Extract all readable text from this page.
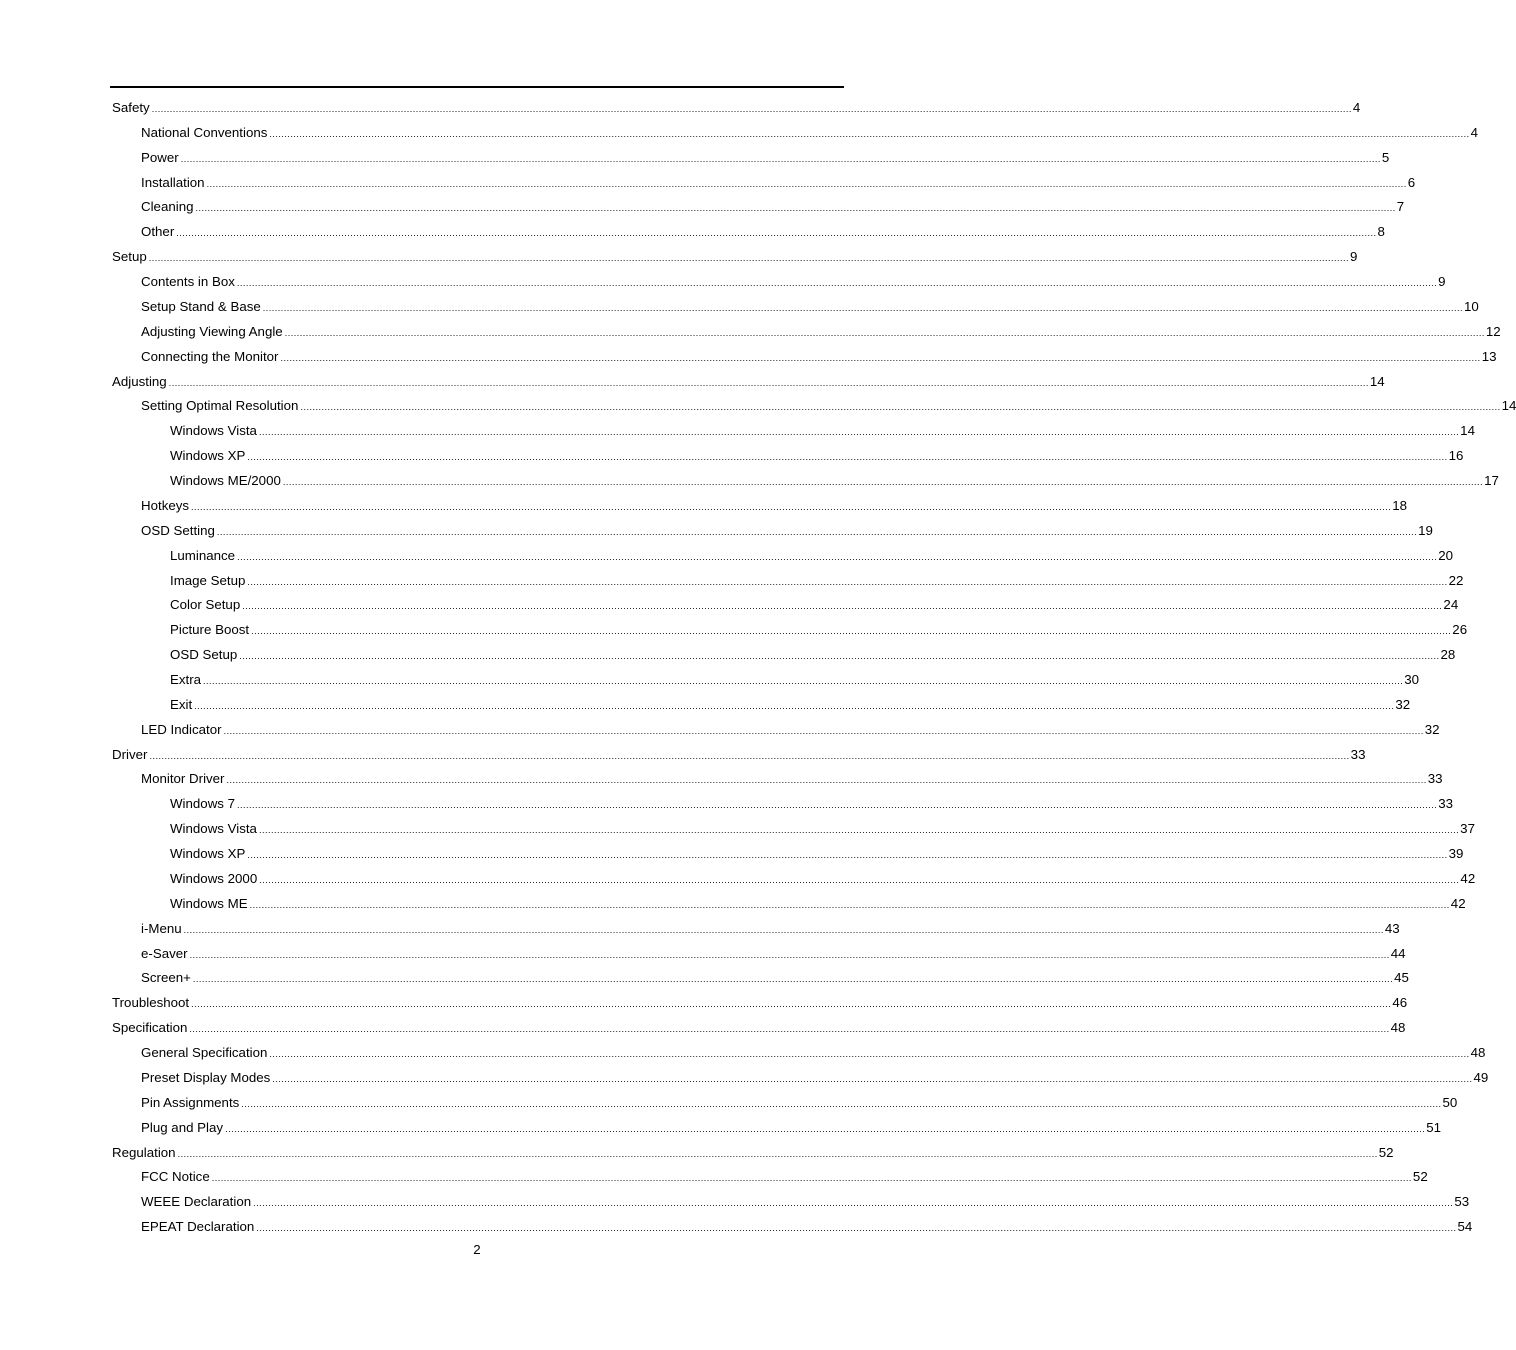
Safety ................................................................................................................................................................................................................................................................................................................................................................................................................ 4
National Conventions ................................................................................................................................................................................................................................................................................................................................................................................................................ 4
Power ................................................................................................................................................................................................................................................................................................................................................................................................................ 5
Installation ................................................................................................................................................................................................................................................................................................................................................................................................................ 6
Cleaning ................................................................................................................................................................................................................................................................................................................................................................................................................ 7
Other ................................................................................................................................................................................................................................................................................................................................................................................................................ 8
Setup ................................................................................................................................................................................................................................................................................................................................................................................................................ 9
Contents in Box ................................................................................................................................................................................................................................................................................................................................................................................................................ 9
Setup Stand & Base ................................................................................................................................................................................................................................................................................................................................................................................................................ 10
Adjusting Viewing Angle ................................................................................................................................................................................................................................................................................................................................................................................................................ 12
Connecting the Monitor ................................................................................................................................................................................................................................................................................................................................................................................................................ 13
Adjusting ................................................................................................................................................................................................................................................................................................................................................................................................................ 14
Setting Optimal Resolution ................................................................................................................................................................................................................................................................................................................................................................................................................ 14
Windows Vista ................................................................................................................................................................................................................................................................................................................................................................................................................ 14
Windows XP ................................................................................................................................................................................................................................................................................................................................................................................................................ 16
Windows ME/2000 ................................................................................................................................................................................................................................................................................................................................................................................................................ 17
Hotkeys ................................................................................................................................................................................................................................................................................................................................................................................................................ 18
OSD Setting ................................................................................................................................................................................................................................................................................................................................................................................................................ 19
Luminance ................................................................................................................................................................................................................................................................................................................................................................................................................ 20
Image Setup ................................................................................................................................................................................................................................................................................................................................................................................................................ 22
Color Setup ................................................................................................................................................................................................................................................................................................................................................................................................................ 24
Picture Boost ................................................................................................................................................................................................................................................................................................................................................................................................................ 26
OSD Setup ................................................................................................................................................................................................................................................................................................................................................................................................................ 28
Extra ................................................................................................................................................................................................................................................................................................................................................................................................................ 30
Exit ................................................................................................................................................................................................................................................................................................................................................................................................................ 32
LED Indicator ................................................................................................................................................................................................................................................................................................................................................................................................................ 32
Driver ................................................................................................................................................................................................................................................................................................................................................................................................................ 33
Monitor Driver ................................................................................................................................................................................................................................................................................................................................................................................................................ 33
Windows 7 ................................................................................................................................................................................................................................................................................................................................................................................................................ 33
Windows Vista ................................................................................................................................................................................................................................................................................................................................................................................................................ 37
Windows XP ................................................................................................................................................................................................................................................................................................................................................................................................................ 39
Windows 2000 ................................................................................................................................................................................................................................................................................................................................................................................................................ 42
Windows ME ................................................................................................................................................................................................................................................................................................................................................................................................................ 42
i-Menu ................................................................................................................................................................................................................................................................................................................................................................................................................ 43
e-Saver ................................................................................................................................................................................................................................................................................................................................................................................................................ 44
Screen+ ................................................................................................................................................................................................................................................................................................................................................................................................................ 45
Troubleshoot ................................................................................................................................................................................................................................................................................................................................................................................................................ 46
Specification ................................................................................................................................................................................................................................................................................................................................................................................................................ 48
General Specification ................................................................................................................................................................................................................................................................................................................................................................................................................ 48
Preset Display Modes ................................................................................................................................................................................................................................................................................................................................................................................................................ 49
Pin Assignments ................................................................................................................................................................................................................................................................................................................................................................................................................ 50
Plug and Play ................................................................................................................................................................................................................................................................................................................................................................................................................ 51
Regulation ................................................................................................................................................................................................................................................................................................................................................................................................................ 52
FCC Notice ................................................................................................................................................................................................................................................................................................................................................................................................................ 52
WEEE Declaration ................................................................................................................................................................................................................................................................................................................................................................................................................ 53
EPEAT Declaration ................................................................................................................................................................................................................................................................................................................................................................................................................ 54
2
